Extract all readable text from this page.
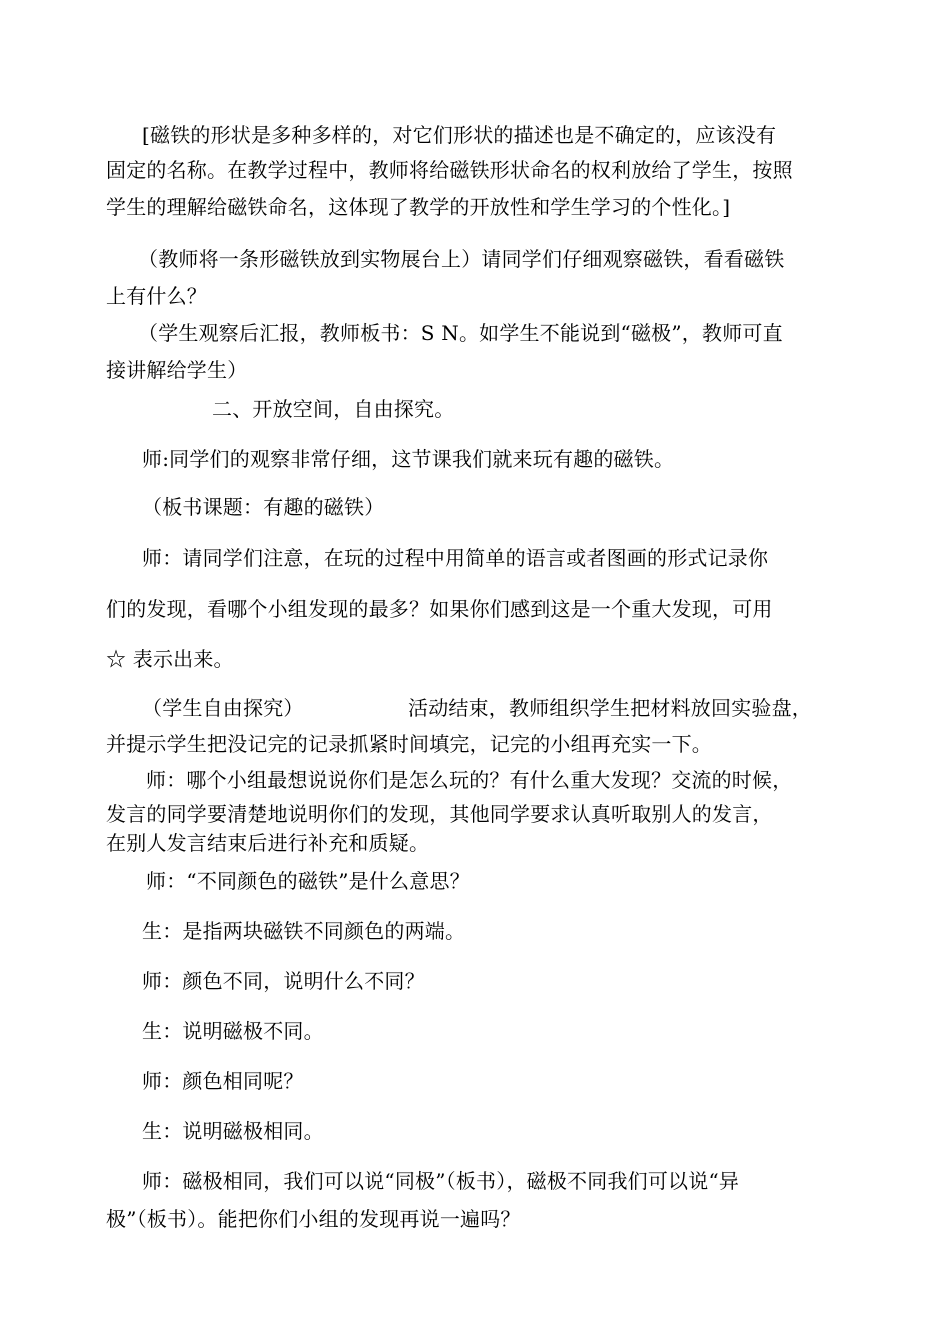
[磁铁的形状是多种多样的，对它们形状的描述也是不确定的，应该没有
固定的名称。在教学过程中，教师将给磁铁形状命名的权利放给了学生，按照
学生的理解给磁铁命名，这体现了教学的开放性和学生学习的个性化。]
（教师将一条形磁铁放到实物展台上）请同学们仔细观察磁铁，看看磁铁
上有什么？
（学生观察后汇报，教师板书：S N。如学生不能说到“磁极”，教师可直
接讲解给学生）
二、开放空间，自由探究。
师:同学们的观察非常仔细，这节课我们就来玩有趣的磁铁。
（板书课题：有趣的磁铁）
师：请同学们注意，在玩的过程中用简单的语言或者图画的形式记录你
们的发现，看哪个小组发现的最多？如果你们感到这是一个重大发现，可用
☆ 表示出来。
（学生自由探究）	活动结束，教师组织学生把材料放回实验盘，
并提示学生把没记完的记录抓紧时间填完，记完的小组再充实一下。
师：哪个小组最想说说你们是怎么玩的？有什么重大发现？交流的时候，
发言的同学要清楚地说明你们的发现，其他同学要求认真听取别人的发言，
在别人发言结束后进行补充和质疑。
师：“不同颜色的磁铁”是什么意思？
生：是指两块磁铁不同颜色的两端。
师：颜色不同，说明什么不同？
生：说明磁极不同。
师：颜色相同呢？
生：说明磁极相同。
师：磁极相同，我们可以说“同极”（板书），磁极不同我们可以说“异
极”（板书）。能把你们小组的发现再说一遍吗？
